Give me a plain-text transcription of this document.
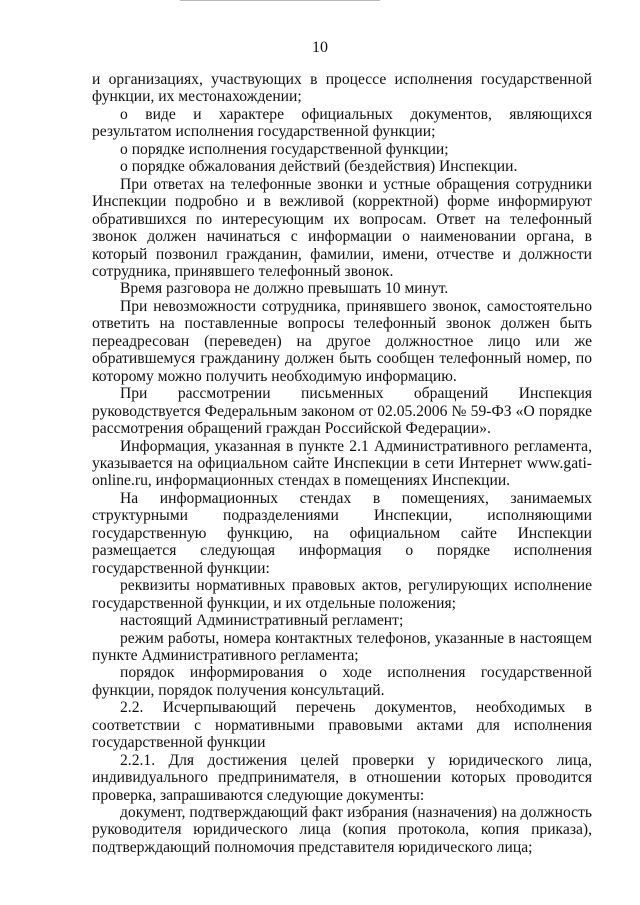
10

и организациях, участвующих в процессе исполнения государственной функции, их местонахождении;

о виде и характере официальных документов, являющихся результатом исполнения государственной функции;

о порядке исполнения государственной функции;

о порядке обжалования действий (бездействия) Инспекции.

При ответах на телефонные звонки и устные обращения сотрудники Инспекции подробно и в вежливой (корректной) форме информируют обратившихся по интересующим их вопросам. Ответ на телефонный звонок должен начинаться с информации о наименовании органа, в который позвонил гражданин, фамилии, имени, отчестве и должности сотрудника, принявшего телефонный звонок.

Время разговора не должно превышать 10 минут.

При невозможности сотрудника, принявшего звонок, самостоятельно ответить на поставленные вопросы телефонный звонок должен быть переадресован (переведен) на другое должностное лицо или же обратившемуся гражданину должен быть сообщен телефонный номер, по которому можно получить необходимую информацию.

При рассмотрении письменных обращений Инспекция руководствуется Федеральным законом от 02.05.2006 № 59-ФЗ «О порядке рассмотрения обращений граждан Российской Федерации».

Информация, указанная в пункте 2.1 Административного регламента, указывается на официальном сайте Инспекции в сети Интернет www.gati-online.ru, информационных стендах в помещениях Инспекции.

На информационных стендах в помещениях, занимаемых структурными подразделениями Инспекции, исполняющими государственную функцию, на официальном сайте Инспекции размещается следующая информация о порядке исполнения государственной функции:

реквизиты нормативных правовых актов, регулирующих исполнение государственной функции, и их отдельные положения;

настоящий Административный регламент;

режим работы, номера контактных телефонов, указанные в настоящем пункте Административного регламента;

порядок информирования о ходе исполнения государственной функции, порядок получения консультаций.

2.2. Исчерпывающий перечень документов, необходимых в соответствии с нормативными правовыми актами для исполнения государственной функции

2.2.1. Для достижения целей проверки у юридического лица, индивидуального предпринимателя, в отношении которых проводится проверка, запрашиваются следующие документы:

документ, подтверждающий факт избрания (назначения) на должность руководителя юридического лица (копия протокола, копия приказа), подтверждающий полномочия представителя юридического лица;
